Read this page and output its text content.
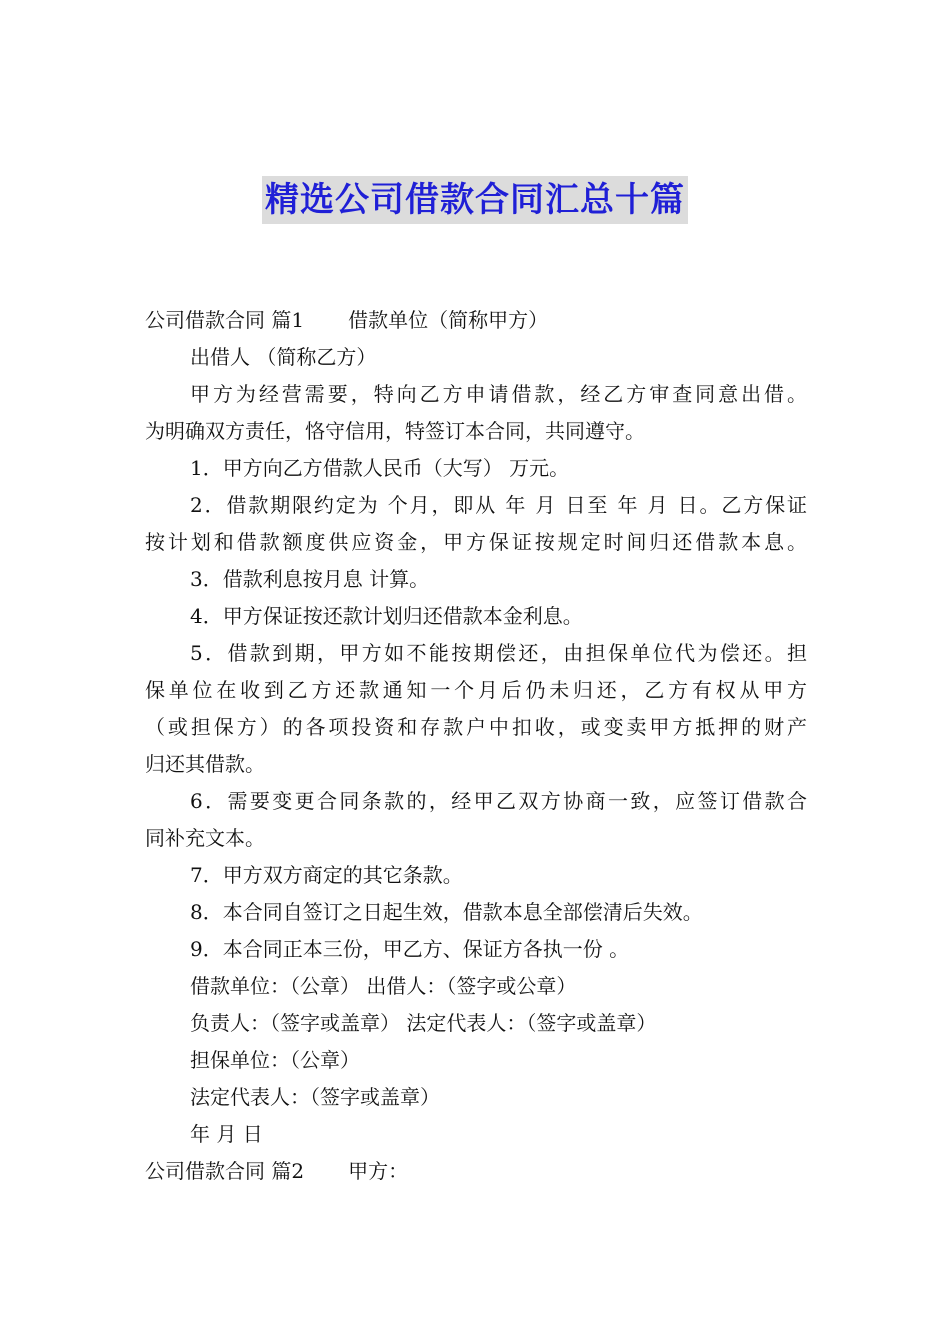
精选公司借款合同汇总十篇
公司借款合同 篇1 借款单位（简称甲方）
出借人 （简称乙方）
甲方为经营需要，特向乙方申请借款，经乙方审查同意出借。
为明确双方责任，恪守信用，特签订本合同，共同遵守。
1．甲方向乙方借款人民币（大写） 万元。
2．借款期限约定为 个月，即从 年 月 日至 年 月 日。乙方保证
按计划和借款额度供应资金，甲方保证按规定时间归还借款本息。
3．借款利息按月息 计算。
4．甲方保证按还款计划归还借款本金利息。
5．借款到期，甲方如不能按期偿还，由担保单位代为偿还。担
保单位在收到乙方还款通知一个月后仍未归还，乙方有权从甲方
（或担保方）的各项投资和存款户中扣收，或变卖甲方抵押的财产
归还其借款。
6．需要变更合同条款的，经甲乙双方协商一致，应签订借款合
同补充文本。
7．甲方双方商定的其它条款。
8．本合同自签订之日起生效，借款本息全部偿清后失效。
9．本合同正本三份，甲乙方、保证方各执一份 。
借款单位：（公章） 出借人：（签字或公章）
负责人：（签字或盖章） 法定代表人：（签字或盖章）
担保单位：（公章）
法定代表人：（签字或盖章）
年 月 日
公司借款合同 篇2 甲方：
